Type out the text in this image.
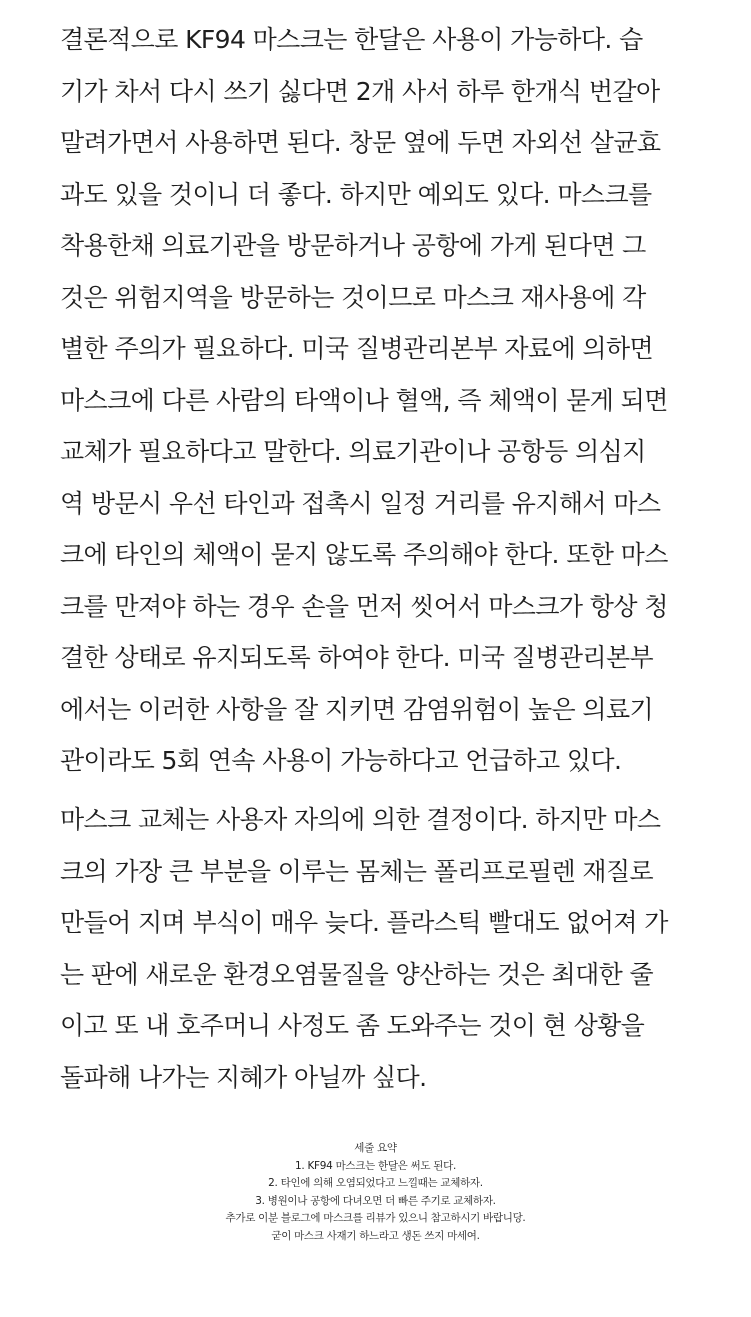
결론적으로 KF94 마스크는 한달은 사용이 가능하다. 습
기가 차서 다시 쓰기 싫다면 2개 사서 하루 한개식 번갈아
말려가면서 사용하면 된다. 창문 옆에 두면 자외선 살균효
과도 있을 것이니 더 좋다. 하지만 예외도 있다. 마스크를
착용한채 의료기관을 방문하거나 공항에 가게 된다면 그
것은 위험지역을 방문하는 것이므로 마스크 재사용에 각
별한 주의가 필요하다. 미국 질병관리본부 자료에 의하면
마스크에 다른 사람의 타액이나 혈액, 즉 체액이 묻게 되면
교체가 필요하다고 말한다. 의료기관이나 공항등 의심지
역 방문시 우선 타인과 접촉시 일정 거리를 유지해서 마스
크에 타인의 체액이 묻지 않도록 주의해야 한다. 또한 마스
크를 만져야 하는 경우 손을 먼저 씻어서 마스크가 항상 청
결한 상태로 유지되도록 하여야 한다. 미국 질병관리본부
에서는 이러한 사항을 잘 지키면 감염위험이 높은 의료기
관이라도 5회 연속 사용이 가능하다고 언급하고 있다.

마스크 교체는 사용자 자의에 의한 결정이다. 하지만 마스
크의 가장 큰 부분을 이루는 몸체는 폴리프로필렌 재질로
만들어 지며 부식이 매우 늦다. 플라스틱 빨대도 없어져 가
는 판에 새로운 환경오염물질을 양산하는 것은 최대한 줄
이고 또 내 호주머니 사정도 좀 도와주는 것이 현 상황을
돌파해 나가는 지혜가 아닐까 싶다.

세줄 요약
1. KF94 마스크는 한달은 써도 된다.
2. 타인에 의해 오염되었다고 느낄때는 교체하자.
3. 병원이나 공항에 다녀오면 더 빠른 주기로 교체하자.
추가로 이분 블로그에 마스크를 리뷰가 있으니 참고하시기 바랍니당.
굳이 마스크 사재기 하느라고 생돈 쓰지 마세여.
